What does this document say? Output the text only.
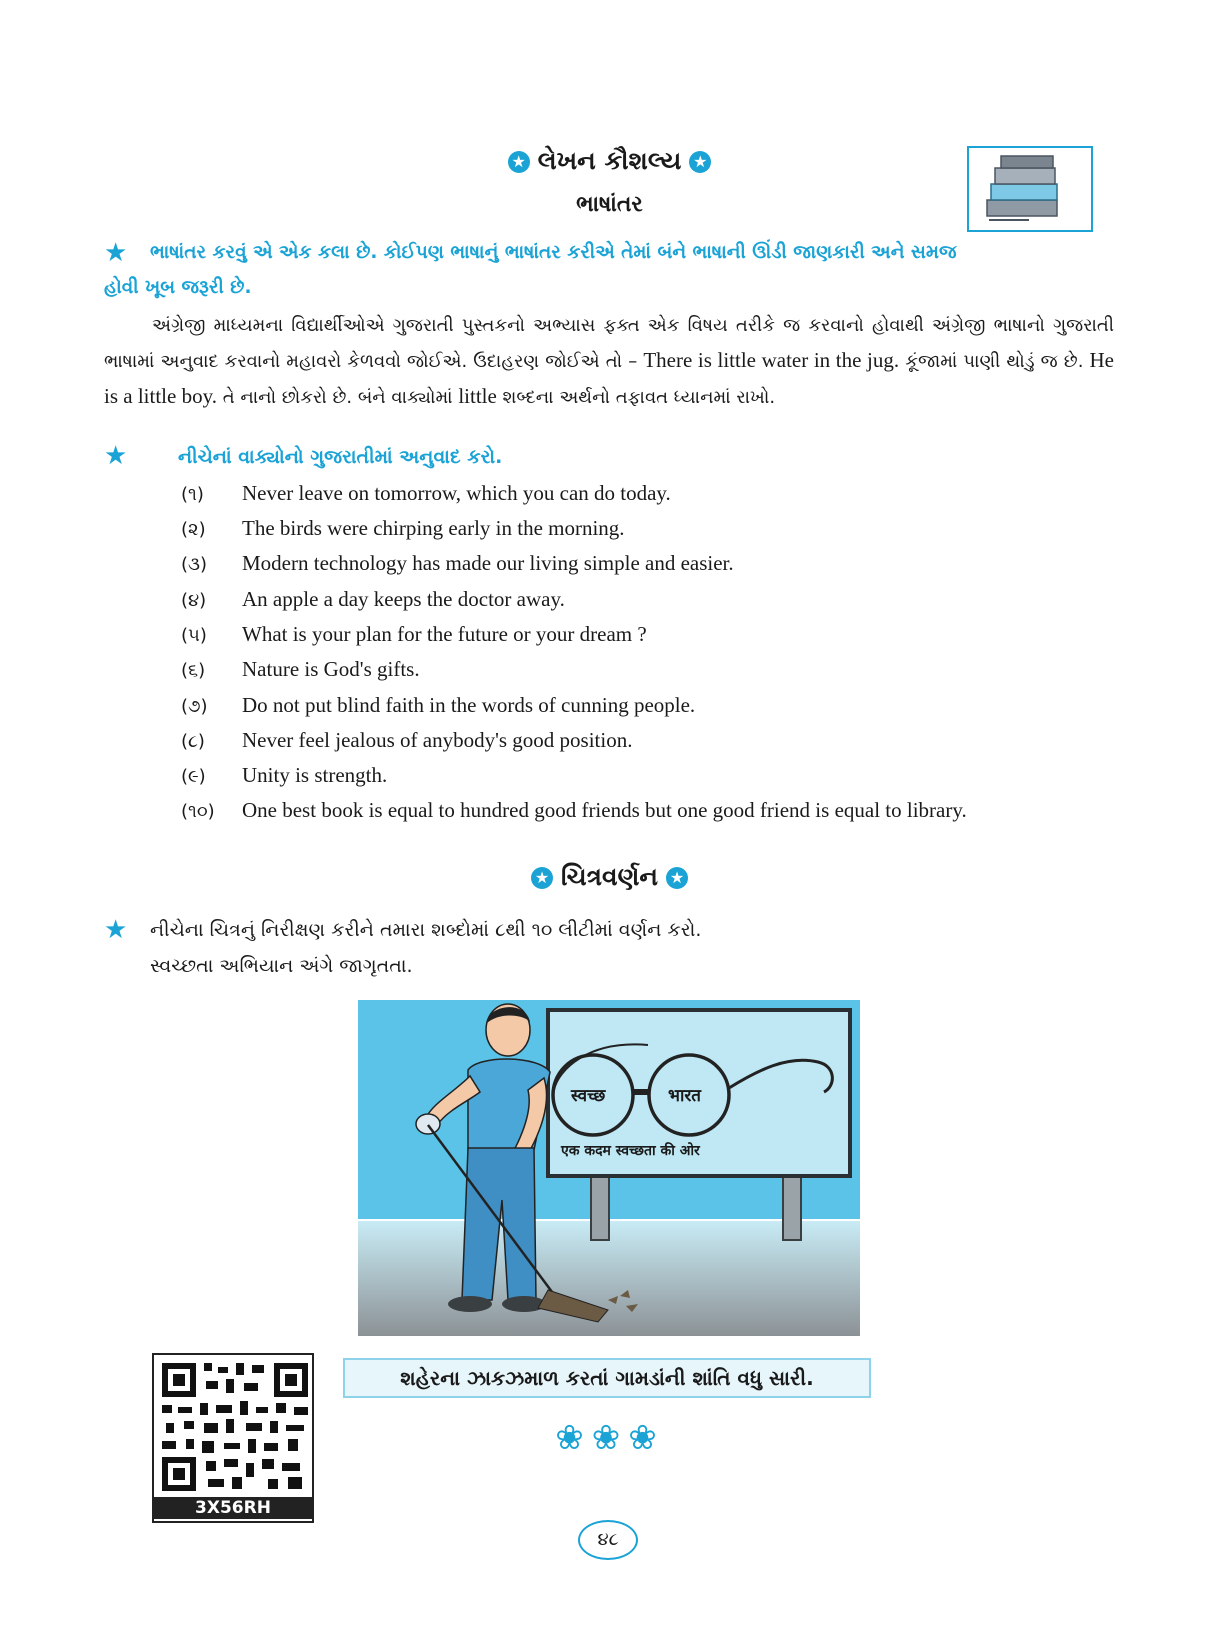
★ લેખન કૌશલ્ય ★
ભાષાંતર
★ ભાષાંતર કરવું એ એક કલા છે. કોઈપણ ભાષાનું ભાષાંતર કરીએ તેમાં બંને ભાષાની ઊંડી જાણકારી અને સમજ
હોવી ખૂબ જરૂરી છે.
અંગ્રેજી માધ્યમના વિદ્યાર્થીઓએ ગુજરાતી પુસ્તકનો અભ્યાસ ફક્ત એક વિષય તરીકે જ કરવાનો હોવાથી અંગ્રેજી ભાષાનો ગુજરાતી ભાષામાં અનુવાદ કરવાનો મહાવરો કેળવવો જોઈએ. ઉદાહરણ જોઈએ તો – There is little water in the jug. કૂંજામાં પાણી થોડું જ છે. He is a little boy. તે નાનો છોકરો છે. બંને વાક્યોમાં little શબ્દના અર્થનો તફાવત ધ્યાનમાં રાખો.
★	નીચેનાં વાક્યોનો ગુજરાતીમાં અનુવાદ કરો.
(૧) Never leave on tomorrow, which you can do today.
(૨) The birds were chirping early in the morning.
(૩) Modern technology has made our living simple and easier.
(૪) An apple a day keeps the doctor away.
(૫) What is your plan for the future or your dream ?
(૬) Nature is God's gifts.
(૭) Do not put blind faith in the words of cunning people.
(૮) Never feel jealous of anybody's good position.
(૯) Unity is strength.
(૧૦) One best book is equal to hundred good friends but one good friend is equal to library.
★ ચિત્રવર્ણન ★
★ નીચેના ચિત્રનું નિરીક્ષણ કરીને તમારા શબ્દોમાં ૮થી ૧૦ લીટીમાં વર્ણન કરો.
સ્વચ્છતા અભિયાન અંગે જાગૃતતા.
स्वच्छ	भारत
एक कदम स्वच्छता की ओर
3X56RH
શહેરના ઝાકઝમાળ કરતાં ગામડાંની શાંતિ વધુ સારી.
❀❀❀
૪૮
